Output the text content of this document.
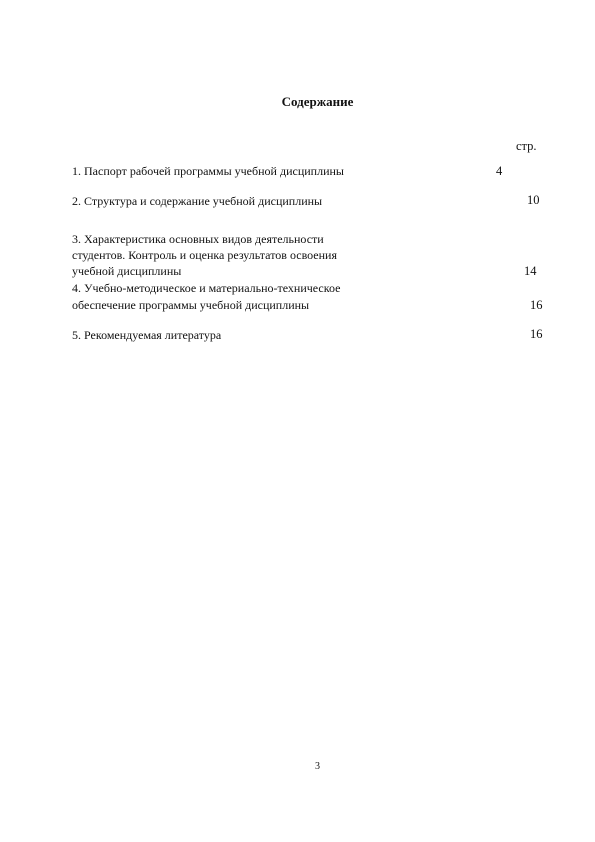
Содержание
стр.
1. Паспорт рабочей программы учебной дисциплины	4
2. Структура и содержание учебной дисциплины	10
3. Характеристика основных видов деятельности
студентов. Контроль и оценка результатов освоения
учебной дисциплины	14
4. Учебно-методическое и материально-техническое
обеспечение программы учебной дисциплины	16
5. Рекомендуемая литература	16
3
